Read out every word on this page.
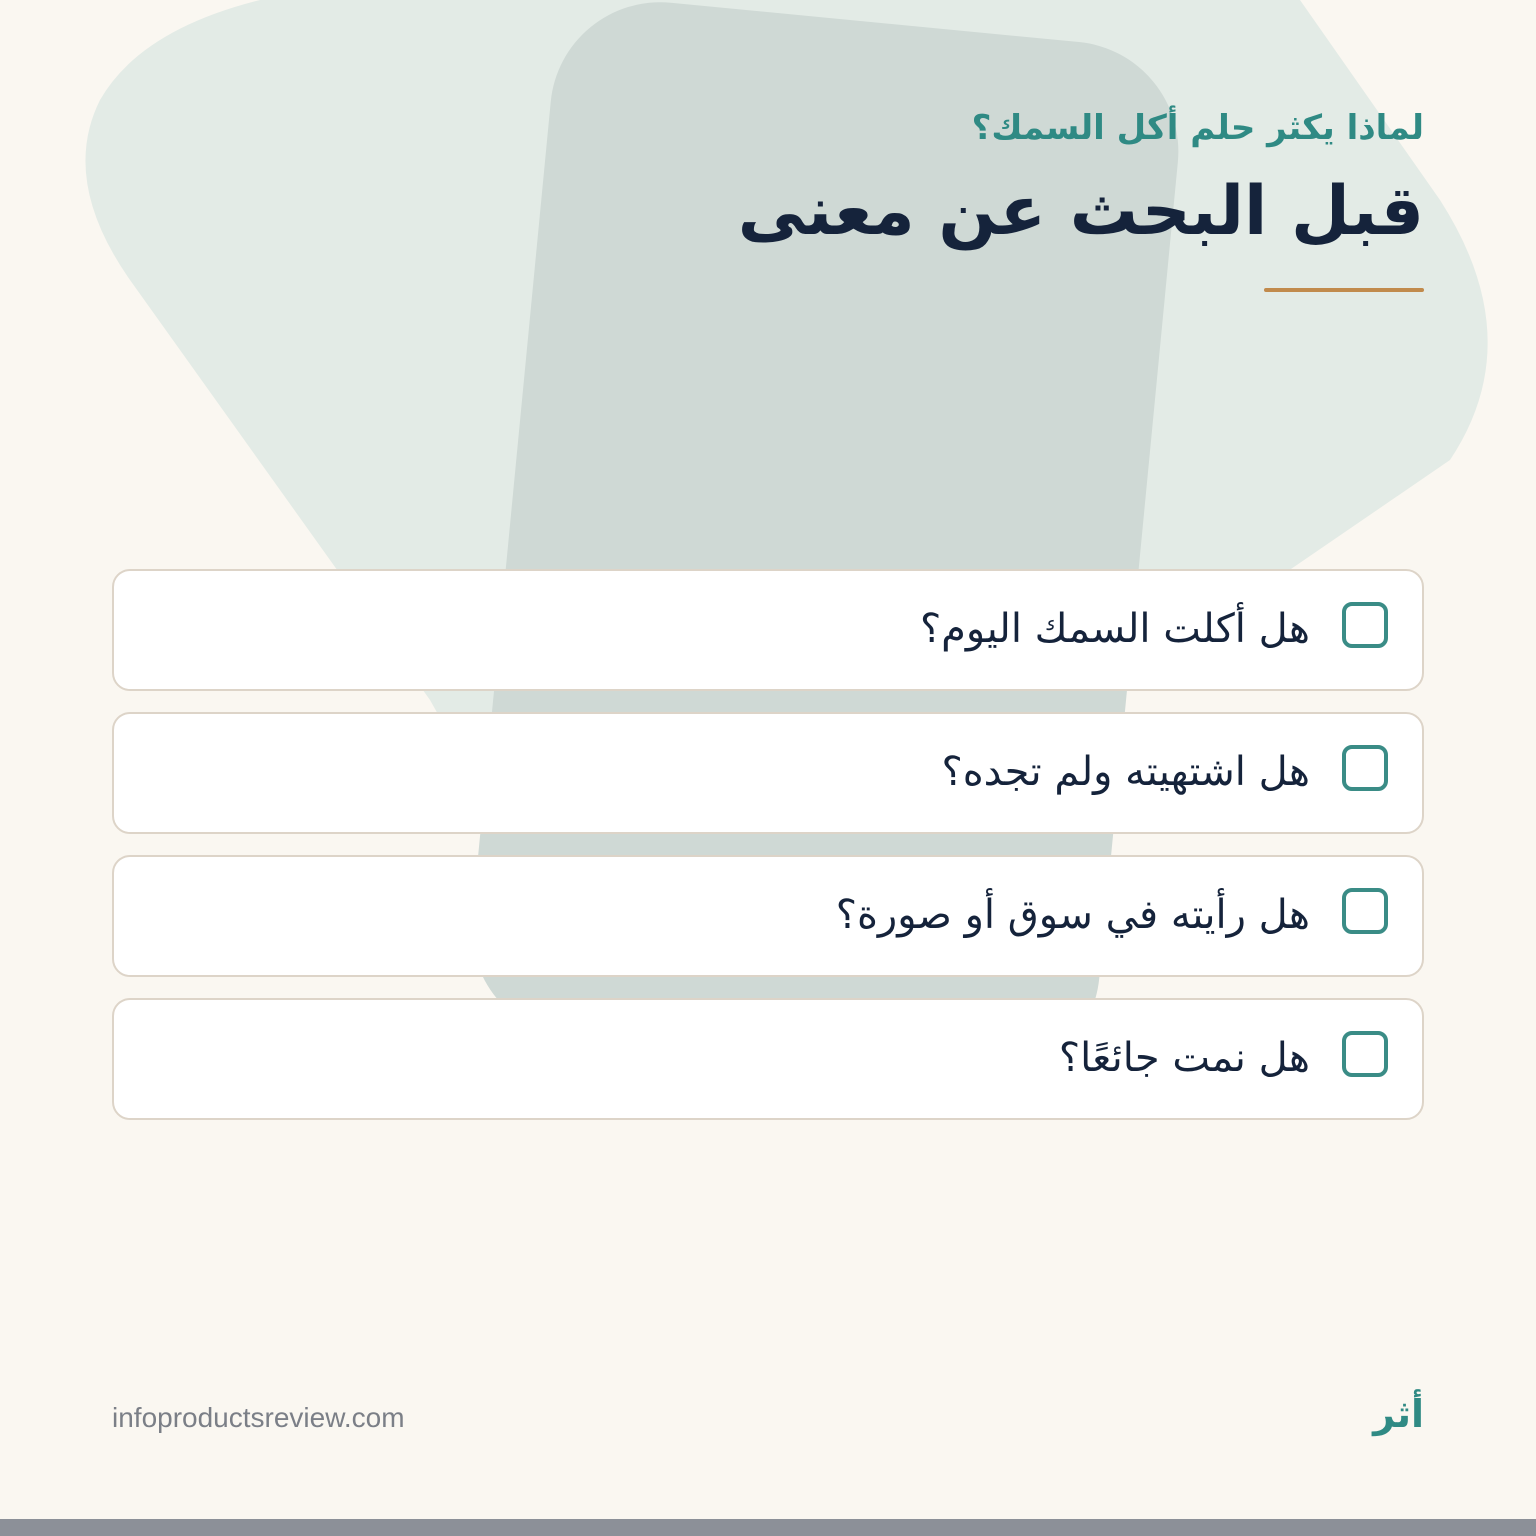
لماذا يكثر حلم أكل السمك؟
قبل البحث عن معنى
هل أكلت السمك اليوم؟
هل اشتهيته ولم تجده؟
هل رأيته في سوق أو صورة؟
هل نمت جائعًا؟
infoproductsreview.com	أثر
